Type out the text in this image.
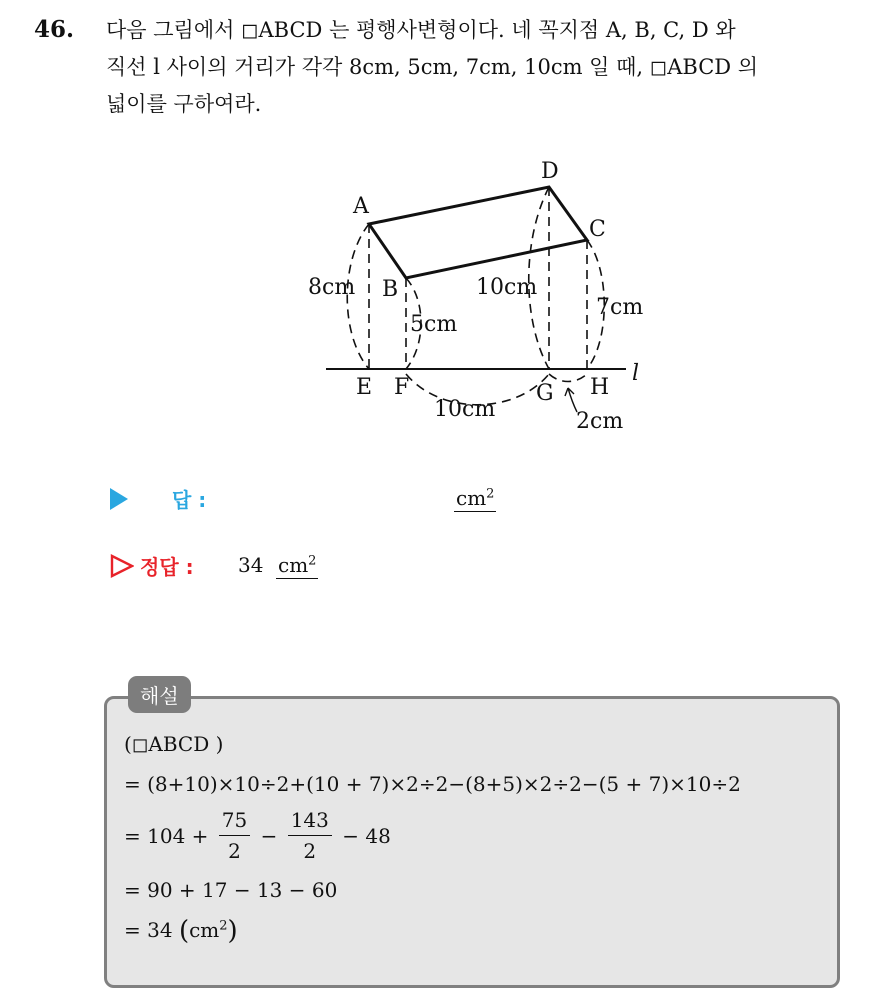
46. 다음 그림에서 ◻ABCD 는 평행사변형이다. 네 꼭지점 A, B, C, D 와
직선 l 사이의 거리가 각각 8cm, 5cm, 7cm, 10cm 일 때, ◻ABCD 의
넓이를 구하여라.
A
B
C
D
E F	G H
l
8cm
5cm
10cm
7cm
10cm	2cm
답 :	$cm^2$
정답 : 34 $cm^2$
해설
(◻ABCD )
= (8+10)×10÷2+(10 + 7)×2÷2−(8+5)×2÷2−(5 + 7)×10÷2
= $104 + \frac{75}{2} - \frac{143}{2} - 48$
= 90 + 17 − 13 − 60
= 34 $(cm^2)$
